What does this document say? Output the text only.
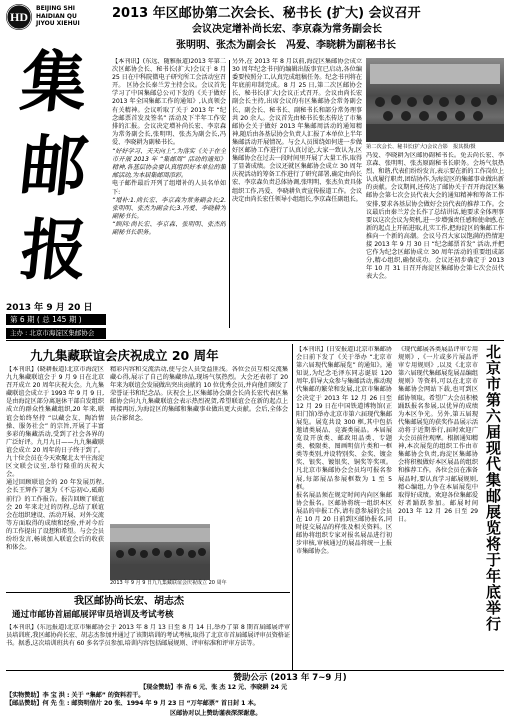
HD
BEIJING SHI
HAIDIAN QU
JIYOU XIEHUI
集
邮
报
2013 年 9 月 20 日
第 6 期 ( 总 145 期 )
主办 : 北京市海淀区集邮协会
2013 年区邮协第二次会长、秘书长 (扩大) 会议召开
会议决定增补尚长宏、李京森为常务副会长
张明明、张杰为副会长　冯爱、李晓耕为副秘书长
【本刊讯】(东远、随雅报道)2013 年第二次区邮协会长、秘书长(扩大)会议于 8 月 25 日在中科院微电子研究所工会活动室召开。 区协会长秦兰芳主持会议。会议首先学习了中国集邮总公司下发的《关于做好 2013 年全国集邮工作的通知》,认真领会有关精神。会议听取了关于 2013 年 “纪念邮票首发及签名” 活动及下半年工作安排的汇报。会议决定增补尚长宏、李京森为常务副会长,张明明、张杰为副会长,冯爱、李晓耕为副秘书长。
“好好学习、天天向上”,为落实《关于在全市开展 2013 年 “集邮周” 活动的通知》精神,各基层协会要认真组织好本单位的集邮活动,为本届集邮周添彩。
电子邮件最后开列了组增补的人员名单如下:
“增补:1.尚长宏、李京森为常务副会长;2.张明明、张杰为副会长;3.冯爱、李晓耕为副秘书长。
“顾问:尚长宏、李京森、张明明、张杰的副秘书长职务。
另外,在 2013 年 8 月以前,海淀区集邮协会成立 30 周年纪念书刊的编辑出版事宜已启动,各位编委要按照分工,认真完成组稿任务。纪念书刊将在年底前印制完成。8 月 25 日,第二次区邮协会长、秘书长(扩大)会议正式召开。会议由尚长宏副会长主持,出席会议的有区集邮协会常务副会长、副会长、秘书长、副秘书长和部分常务理事共 20 余人。会议首先由秘书长张杰传达了市集邮协会关于做好 2013 年集邮周活动的通知精神,随后由各基层协会负责人汇报了本单位上半年集邮活动开展情况。与会人员围绕如何进一步做好区邮协工作进行了认真讨论,大家一致认为,区集邮协会在过去一段时间里开展了大量工作,取得了显著成绩。会议还就区集邮协会成立 30 周年庆祝活动的筹备工作进行了研究部署,确定由尚长宏、李京森负责总体协调,张明明、张杰负责具体组织工作,冯爱、李晓耕负责宣传报道工作。会议决定由尚长宏任领导小组组长,李京森任副组长。
第二次会长、秘书长(扩大)会议合影　报其摄/摄
冯爱、李晓耕为区邮协副秘书长。免去尚长宏、李京森、张明明、张杰原副秘书长职务。会场气氛热烈、和谐,代表们纷纷发言,表示要在新的工作岗位上认真履行职责,团结协作,为海淀区的集邮事业做出新的贡献。会议期间,还传达了邮协关于召开海淀区集邮协会第七次会员代表大会的通知精神和筹备工作安排,要求各基层协会做好会员代表的推荐工作。会议最后由秦兰芳会长作了总结讲话,她要求全体理事要以这次会议为契机,进一步增强责任感和使命感,在新的起点上开拓进取,扎实工作,把海淀区的集邮工作推向一个新的高潮。会议号召大家以饱满的热情迎接 2013 年 9 月 30 日 “纪念邮票首发” 活动,并把它作为纪念区邮协成立 30 周年活动的重要组成部分,精心组织,确保成功。会议还初步确定于 2013 年 10 月 31 日召开海淀区集邮协会第七次会员代表大会。
九九集藏联谊会庆祝成立 20 周年
【本刊讯】(晓耕报道)北京市海淀区九九集藏联谊会于 9 月 9 日在北京召开成立 20 周年庆祝大会。九九集藏联谊会成立于 1993 年 9 月 9 日,是由海淀区部分离退休干部自发组织成立的群众性集藏组织,20 年来,联谊会始终坚持 “以藏会友、陶冶情操、服务社会” 的宗旨,开展了丰富多彩的集藏活动,受到了社会各界的广泛好评。九月九日——九九集藏联谊会成立 20 周年的日子终于到了。九十位会员在今天欢聚北太平庄海淀区文联会议室,举行隆重的庆祝大会。
通过回顾联谊会的 20 年发展历程,会长王辉作了题为《不忘初心,砥砺前行》的工作报告。报告回顾了联谊会 20 年来走过的历程,总结了联谊会在组织建设、活动开展、对外交流等方面取得的成绩和经验,并对今后的工作提出了设想和希望。与会会员纷纷发言,畅谈加入联谊会后的收获和体会。
精彩内容和交流活动,使与会人员受益匪浅。各位会员互相交流集藏心得,展示了自己的集藏珍品,现场气氛热烈。大会还表彰了 20 年来为联谊会发展做出突出贡献的 10 位优秀会员,并向他们颁发了荣誉证书和纪念品。庆祝会上,区集邮协会副会长尚长宏代表区集邮协会向九九集藏联谊会表示热烈祝贺,希望联谊会在新的起点上再接再厉,为海淀区的集邮和集藏事业做出更大贡献。会后,全体会员合影留念。
2013 年 9 月 9 日九九集藏联谊会庆祝成立 20 周年
我区邮协尚长宏、胡志杰
通过市邮协首届邮展评审员培训及考试考核
【本刊讯】(东远报道)北京市集邮协会于 2013 年 8 月 13 日至 8 月 14 日,举办了第 8 期首届邮展评审员培训班,我区邮协尚长宏、胡志杰参加并通过了该期培训的考试考核,取得了北京市首届邮展评审员资格证书。据悉,这次培训班共有 60 多名学员参加,培训内容包括邮展规则、评审标准和评审方法等。
【本刊讯】(日安报道)北京市集邮协会日前下发了《关于举办 “北京市第六届现代集邮展览” 的通知》。通知说,为纪念毛泽东同志诞辰 120 周年,倡导大众参与集邮活动,推动现代集邮的繁荣和发展,北京市集邮协会决定于 2013 年 12 月 26 日至 12 月 29 日在中国铁道博物馆(正阳门馆)举办北京市第六届现代集邮展览。展览共设 300 框,其中包括邀请类展品、竞赛类展品。本届展览设开放类、邮政用品类、专题类、极限类、图画明信片类和一框类等类别,并设特别奖、金奖、镀金奖、银奖、镀银奖、铜奖等奖项。凡北京市集邮协会会员均可报名参展,每部展品参展框数为 1 至 5 框。
报名展品须在规定时间内向区集邮协会报名。区邮协将统一组织本区展品的申报工作,请有意参展的会员在 10 月 20 日前到区邮协报名,同时提交展品的样张及相关资料。区邮协将组织专家对报名展品进行初步审核,审核通过的展品将统一上报市集邮协会。
《现代邮展各类展品评审专用规则》,《一片或多片展品评审专用规则》,以及《北京市第六届现代集邮展览展品编组规则》等资料,可以在北京市集邮协会网站下载,也可到区邮协领取。希望广大会员积极踊跃报名参展,以优异的成绩为本区争光。另外,第五届现代集邮展览的获奖作品展示活动将于近期举行,届时欢迎广大会员前往观摩。根据通知精神,本次展览的组织工作由市集邮协会负责,海淀区集邮协会将积极做好本区展品的组织和推荐工作。各位会员在准备展品时,要认真学习邮展规则,精心编组,力争在本届展览中取得好成绩。欢迎各位集邮爱好者踊跃参加。邮展时间 2013 年 12 月 26 日至 29 日。	北京市第六届现代集邮展览将于年底举行
赞助公示 (2013 年 7~9 月)
【现金赞助】李 浩 6 元、张 杰 12 元、李晓耕 24 元
【实物赞助】李 宝 洪 : 关于 “集邮” 的资料若干。
【邮品赞助】何 先 生 : 邮资明信片 20 张、1994 年 9 月 23 日 “万年邮票” 首日封 1 本。
区邮协对以上赞助谨表深深谢意。
